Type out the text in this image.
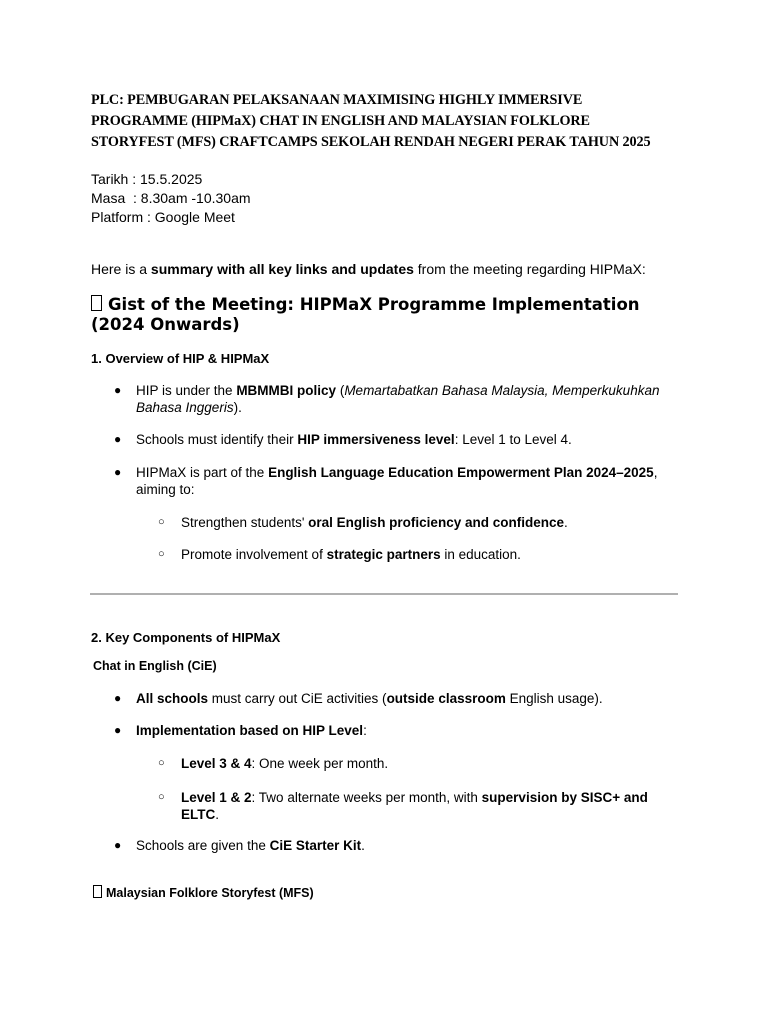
PLC: PEMBUGARAN PELAKSANAAN MAXIMISING HIGHLY IMMERSIVE
PROGRAMME (HIPMaX) CHAT IN ENGLISH AND MALAYSIAN FOLKLORE
STORYFEST (MFS) CRAFTCAMPS SEKOLAH RENDAH NEGERI PERAK TAHUN 2025
Tarikh : 15.5.2025
Masa  : 8.30am -10.30am
Platform : Google Meet
Here is a summary with all key links and updates from the meeting regarding HIPMaX:
Gist of the Meeting: HIPMaX Programme Implementation
(2024 Onwards)
1. Overview of HIP & HIPMaX
● HIP is under the MBMMBI policy (Memartabatkan Bahasa Malaysia, Memperkukuhkan
Bahasa Inggeris).
● Schools must identify their HIP immersiveness level: Level 1 to Level 4.
● HIPMaX is part of the English Language Education Empowerment Plan 2024–2025,
aiming to:
○ Strengthen students' oral English proficiency and confidence.
○ Promote involvement of strategic partners in education.
2. Key Components of HIPMaX
Chat in English (CiE)
● All schools must carry out CiE activities (outside classroom English usage).
● Implementation based on HIP Level:
○ Level 3 & 4: One week per month.
○ Level 1 & 2: Two alternate weeks per month, with supervision by SISC+ and
ELTC.
● Schools are given the CiE Starter Kit.
Malaysian Folklore Storyfest (MFS)
